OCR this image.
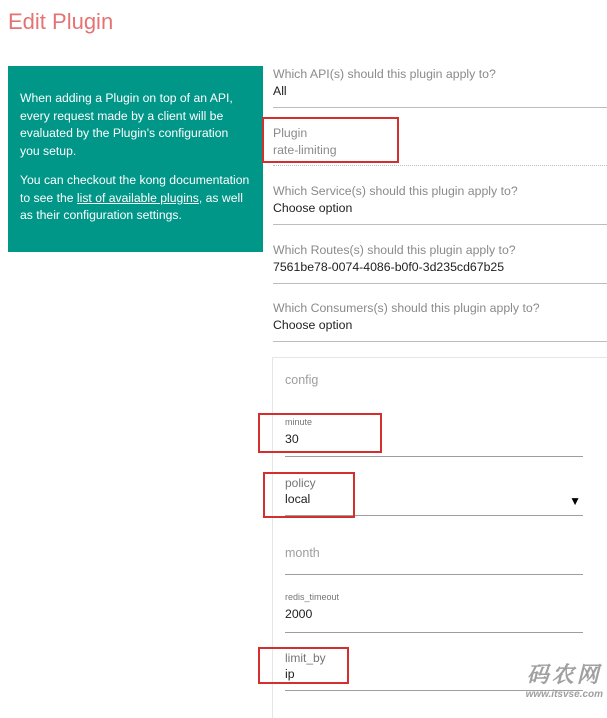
Edit Plugin

When adding a Plugin on top of an API, every request made by a client will be evaluated by the Plugin's configuration you setup.

You can checkout the kong documentation to see the list of available plugins, as well as their configuration settings.

Which API(s) should this plugin apply to?
All
Plugin
rate-limiting
Which Service(s) should this plugin apply to?
Choose option
Which Routes(s) should this plugin apply to?
7561be78-0074-4086-b0f0-3d235cd67b25
Which Consumers(s) should this plugin apply to?
Choose option
config
minute
30
policy
local	▼
month
redis_timeout
2000
limit_by
ip	码农网
www.itsvse.com
